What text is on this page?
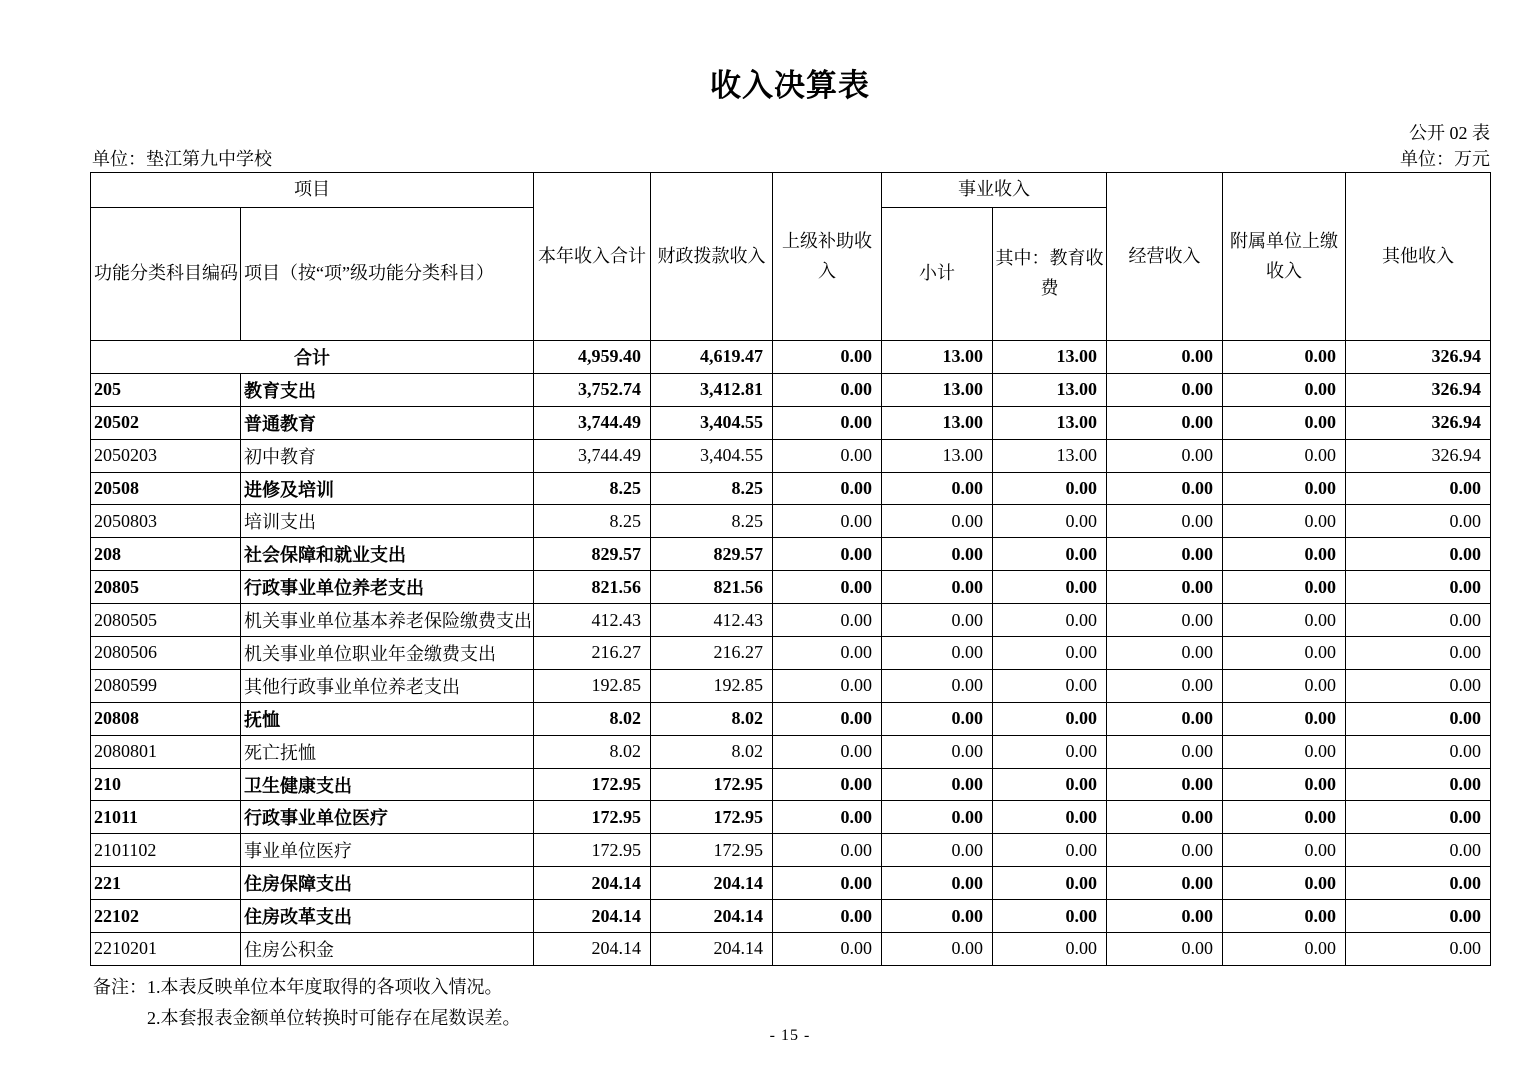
收入决算表
公开 02 表
单位：垫江第九中学校	单位：万元
项目		本年收入合计	财政拨款收入	上级补助收入	事业收入		经营收入	附属单位上缴收入	其他收入
功能分类科目编码	项目（按“项”级功能分类科目）				小计	其中：教育收费			
合计		4,959.40	4,619.47	0.00	13.00	13.00	0.00	0.00	326.94
205	教育支出	3,752.74	3,412.81	0.00	13.00	13.00	0.00	0.00	326.94
20502	普通教育	3,744.49	3,404.55	0.00	13.00	13.00	0.00	0.00	326.94
2050203	初中教育	3,744.49	3,404.55	0.00	13.00	13.00	0.00	0.00	326.94
20508	进修及培训	8.25	8.25	0.00	0.00	0.00	0.00	0.00	0.00
2050803	培训支出	8.25	8.25	0.00	0.00	0.00	0.00	0.00	0.00
208	社会保障和就业支出	829.57	829.57	0.00	0.00	0.00	0.00	0.00	0.00
20805	行政事业单位养老支出	821.56	821.56	0.00	0.00	0.00	0.00	0.00	0.00
2080505	机关事业单位基本养老保险缴费支出	412.43	412.43	0.00	0.00	0.00	0.00	0.00	0.00
2080506	机关事业单位职业年金缴费支出	216.27	216.27	0.00	0.00	0.00	0.00	0.00	0.00
2080599	其他行政事业单位养老支出	192.85	192.85	0.00	0.00	0.00	0.00	0.00	0.00
20808	抚恤	8.02	8.02	0.00	0.00	0.00	0.00	0.00	0.00
2080801	死亡抚恤	8.02	8.02	0.00	0.00	0.00	0.00	0.00	0.00
210	卫生健康支出	172.95	172.95	0.00	0.00	0.00	0.00	0.00	0.00
21011	行政事业单位医疗	172.95	172.95	0.00	0.00	0.00	0.00	0.00	0.00
2101102	事业单位医疗	172.95	172.95	0.00	0.00	0.00	0.00	0.00	0.00
221	住房保障支出	204.14	204.14	0.00	0.00	0.00	0.00	0.00	0.00
22102	住房改革支出	204.14	204.14	0.00	0.00	0.00	0.00	0.00	0.00
2210201	住房公积金	204.14	204.14	0.00	0.00	0.00	0.00	0.00	0.00
备注：1.本表反映单位本年度取得的各项收入情况。
2.本套报表金额单位转换时可能存在尾数误差。
- 15 -
